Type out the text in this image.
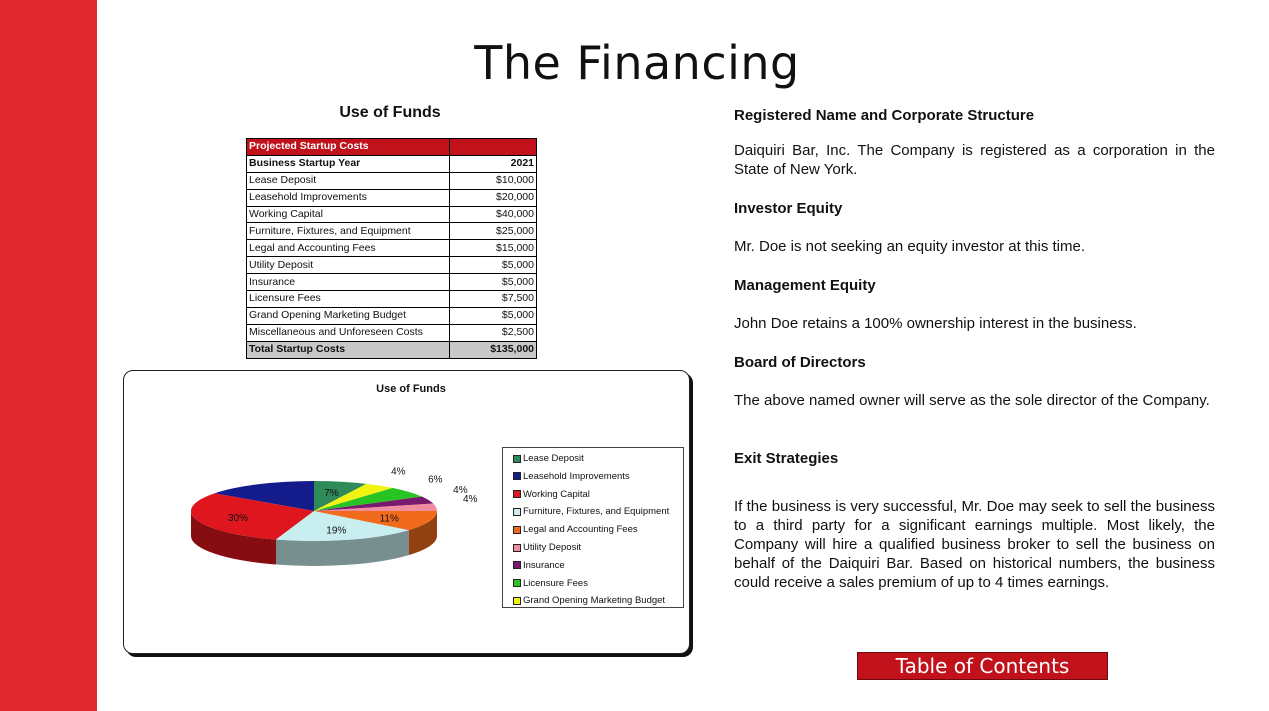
The Financing
Use of Funds
Projected Startup Costs	
Business Startup Year	2021
Lease Deposit	$10,000
Leasehold Improvements	$20,000
Working Capital	$40,000
Furniture, Fixtures, and Equipment	$25,000
Legal and Accounting Fees	$15,000
Utility Deposit	$5,000
Insurance	$5,000
Licensure Fees	$7,500
Grand Opening Marketing Budget	$5,000
Miscellaneous and Unforeseen Costs	$2,500
Total Startup Costs	$135,000
Use of Funds
7%
30%
19%
11%
4%
4%
6%
4%
Lease Deposit
Leasehold Improvements
Working Capital
Furniture, Fixtures, and Equipment
Legal and Accounting Fees
Utility Deposit
Insurance
Licensure Fees
Grand Opening Marketing Budget
Registered Name and Corporate Structure
Daiquiri Bar, Inc. The Company is registered as a corporation in the State of New York.
Investor Equity
Mr. Doe is not seeking an equity investor at this time.
Management Equity
John Doe retains a 100% ownership interest in the business.
Board of Directors
The above named owner will serve as the sole director of the Company.
Exit Strategies
If the business is very successful, Mr. Doe may seek to sell the business to a third party for a significant earnings multiple. Most likely, the Company will hire a qualified business broker to sell the business on behalf of the Daiquiri Bar. Based on historical numbers, the business could receive a sales premium of up to 4 times earnings.
Table of Contents
